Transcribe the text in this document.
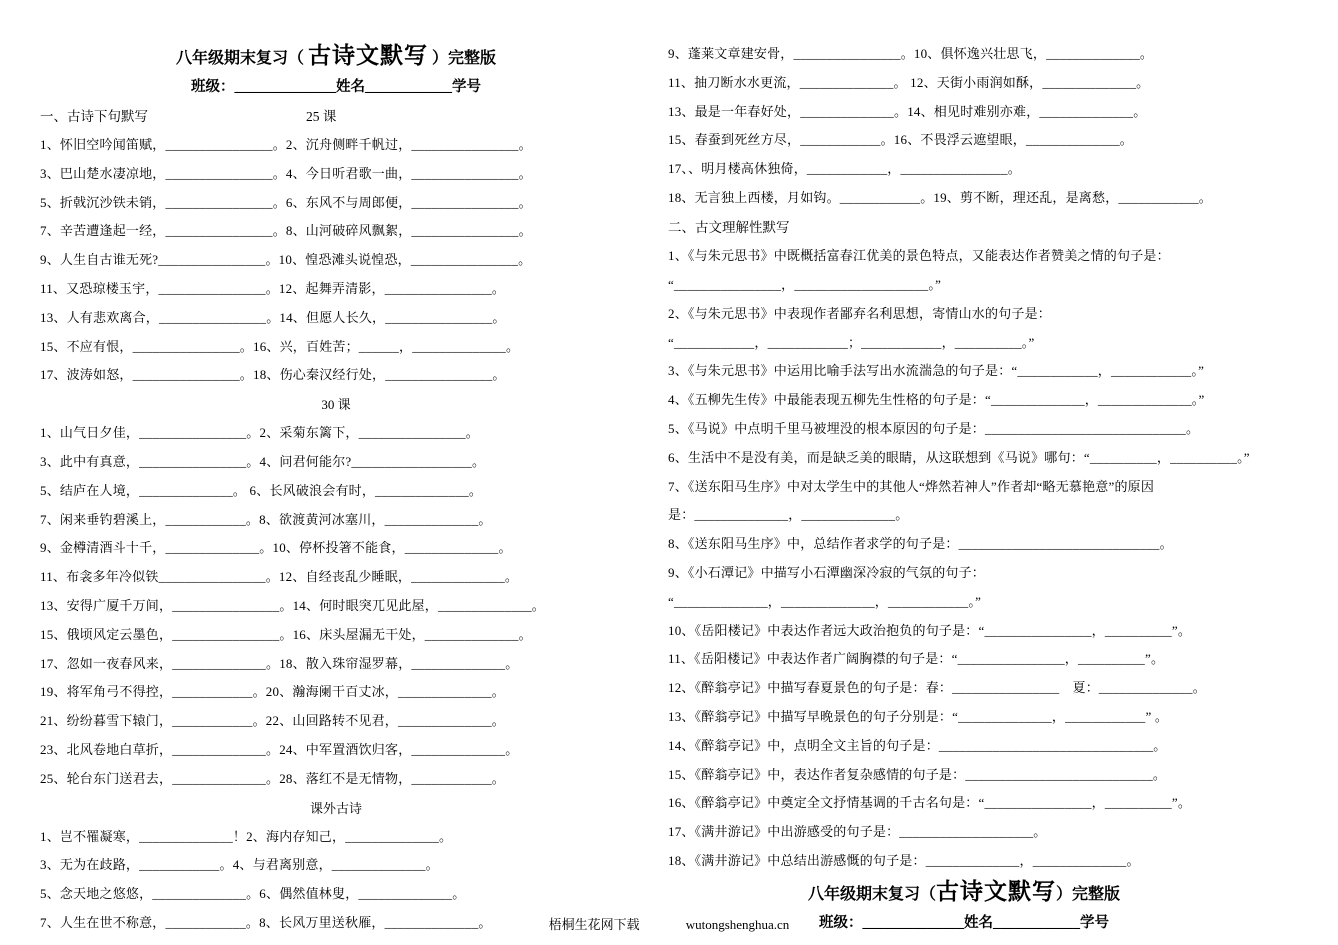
八年级期末复习（ 古诗文默写 ）完整版
班级：______________姓名____________学号
一、古诗下句默写	25 课
1、怀旧空吟闻笛赋，________________。2、沉舟侧畔千帆过，________________。
3、巴山楚水凄凉地，________________。4、今日听君歌一曲，________________。
5、折戟沉沙铁未销，________________。6、东风不与周郎便，________________。
7、辛苦遭逢起一经，________________。8、山河破碎风飘絮，________________。
9、人生自古谁无死?________________。10、惶恐滩头说惶恐，________________。
11、又恐琼楼玉宇，________________。12、起舞弄清影，________________。
13、人有悲欢离合，________________。14、但愿人长久，________________。
15、不应有恨，________________。16、兴，百姓苦；______，______________。
17、波涛如怒，________________。18、伤心秦汉经行处，________________。
30 课
1、山气日夕佳，________________。2、采菊东篱下，________________。
3、此中有真意，________________。4、问君何能尔?__________________。
5、结庐在人境，______________。 6、长风破浪会有时，______________。
7、闲来垂钓碧溪上，____________。8、欲渡黄河冰塞川，______________。
9、金樽清酒斗十千，______________。10、停杯投箸不能食，______________。
11、布衾多年冷似铁________________。12、自经丧乱少睡眠，______________。
13、安得广厦千万间，________________。14、何时眼突兀见此屋，______________。
15、俄顷风定云墨色，________________。16、床头屋漏无干处，______________。
17、忽如一夜春风来，______________。18、散入珠帘湿罗幕，______________。
19、将军角弓不得控，____________。20、瀚海阑干百丈冰，______________。
21、纷纷暮雪下辕门，____________。22、山回路转不见君，______________。
23、北风卷地白草折，______________。24、中军置酒饮归客，______________。
25、轮台东门送君去，______________。28、落红不是无情物，____________。
课外古诗
1、岂不罹凝寒，______________！2、海内存知己，______________。
3、无为在歧路，____________。4、与君离别意，______________。
5、念天地之悠悠，______________。6、偶然值林叟，______________。
7、人生在世不称意，____________。8、长风万里送秋雁，______________。
9、蓬莱文章建安骨，________________。10、俱怀逸兴壮思飞，______________。
11、抽刀断水水更流，______________。 12、天街小雨润如酥，______________。
13、最是一年春好处，______________。14、相见时难别亦难，______________。
15、春蚕到死丝方尽，____________。16、不畏浮云遮望眼，______________。
17、、明月楼高休独倚，____________，________________。
18、无言独上西楼，月如钩。____________。19、剪不断，理还乱，是离愁，____________。
二、古文理解性默写
1、《与朱元思书》中既概括富春江优美的景色特点，又能表达作者赞美之情的句子是：
“________________，____________________。”
2、《与朱元思书》中表现作者鄙弃名利思想，寄情山水的句子是：
“____________，____________；____________，__________。”
3、《与朱元思书》中运用比喻手法写出水流湍急的句子是：“____________，____________。”
4、《五柳先生传》中最能表现五柳先生性格的句子是：“______________，______________。”
5、《马说》中点明千里马被埋没的根本原因的句子是：______________________________。
6、生活中不是没有美，而是缺乏美的眼睛，从这联想到《马说》哪句：“__________，__________。”
7、《送东阳马生序》中对太学生中的其他人“烨然若神人”作者却“略无慕艳意”的原因
是：______________，______________。
8、《送东阳马生序》中，总结作者求学的句子是：______________________________。
9、《小石潭记》中描写小石潭幽深冷寂的气氛的句子：
“______________，______________，____________。”
10、《岳阳楼记》中表达作者远大政治抱负的句子是：“________________，__________”。
11、《岳阳楼记》中表达作者广阔胸襟的句子是：“________________，__________”。
12、《醉翁亭记》中描写春夏景色的句子是：春：________________　夏：______________。
13、《醉翁亭记》中描写早晚景色的句子分别是：“______________，____________” 。
14、《醉翁亭记》中，点明全文主旨的句子是：________________________________。
15、《醉翁亭记》中，表达作者复杂感情的句子是：____________________________。
16、《醉翁亭记》中奠定全文抒情基调的千古名句是：“________________，__________”。
17、《满井游记》中出游感受的句子是：____________________。
18、《满井游记》中总结出游感慨的句子是：______________，______________。
八年级期末复习（古诗文默写）完整版
班级：______________姓名____________学号
梧桐生花网下载	wutongshenghua.cn
